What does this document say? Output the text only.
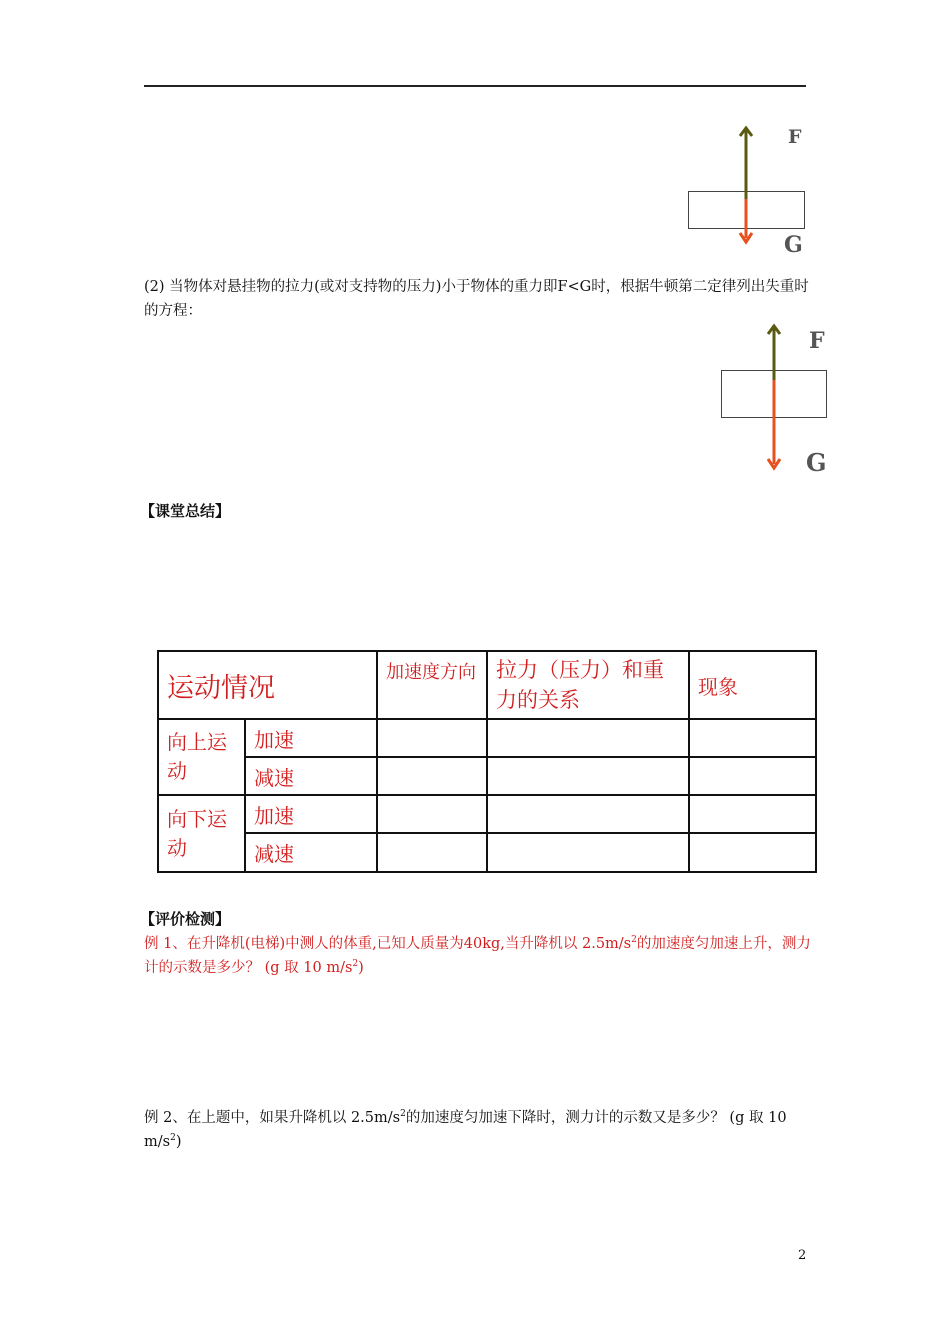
F
G
(2) 当物体对悬挂物的拉力(或对支持物的压力)小于物体的重力即F<G时，根据牛顿第二定律列出失重时的方程：
F
G
【课堂总结】
运动情况		加速度方向	拉力（压力）和重力的关系	现象
向上运动	加速			
	减速			
向下运动	加速			
	减速			
【评价检测】
例 1、在升降机(电梯)中测人的体重,已知人质量为40kg,当升降机以 $2.5m/s^2$的加速度匀加速上升，测力计的示数是多少？ (g 取 10 $m/s^2$)
例 2、在上题中，如果升降机以 $2.5m/s^2$的加速度匀加速下降时，测力计的示数又是多少？ (g 取 10 $m/s^2$)
2
